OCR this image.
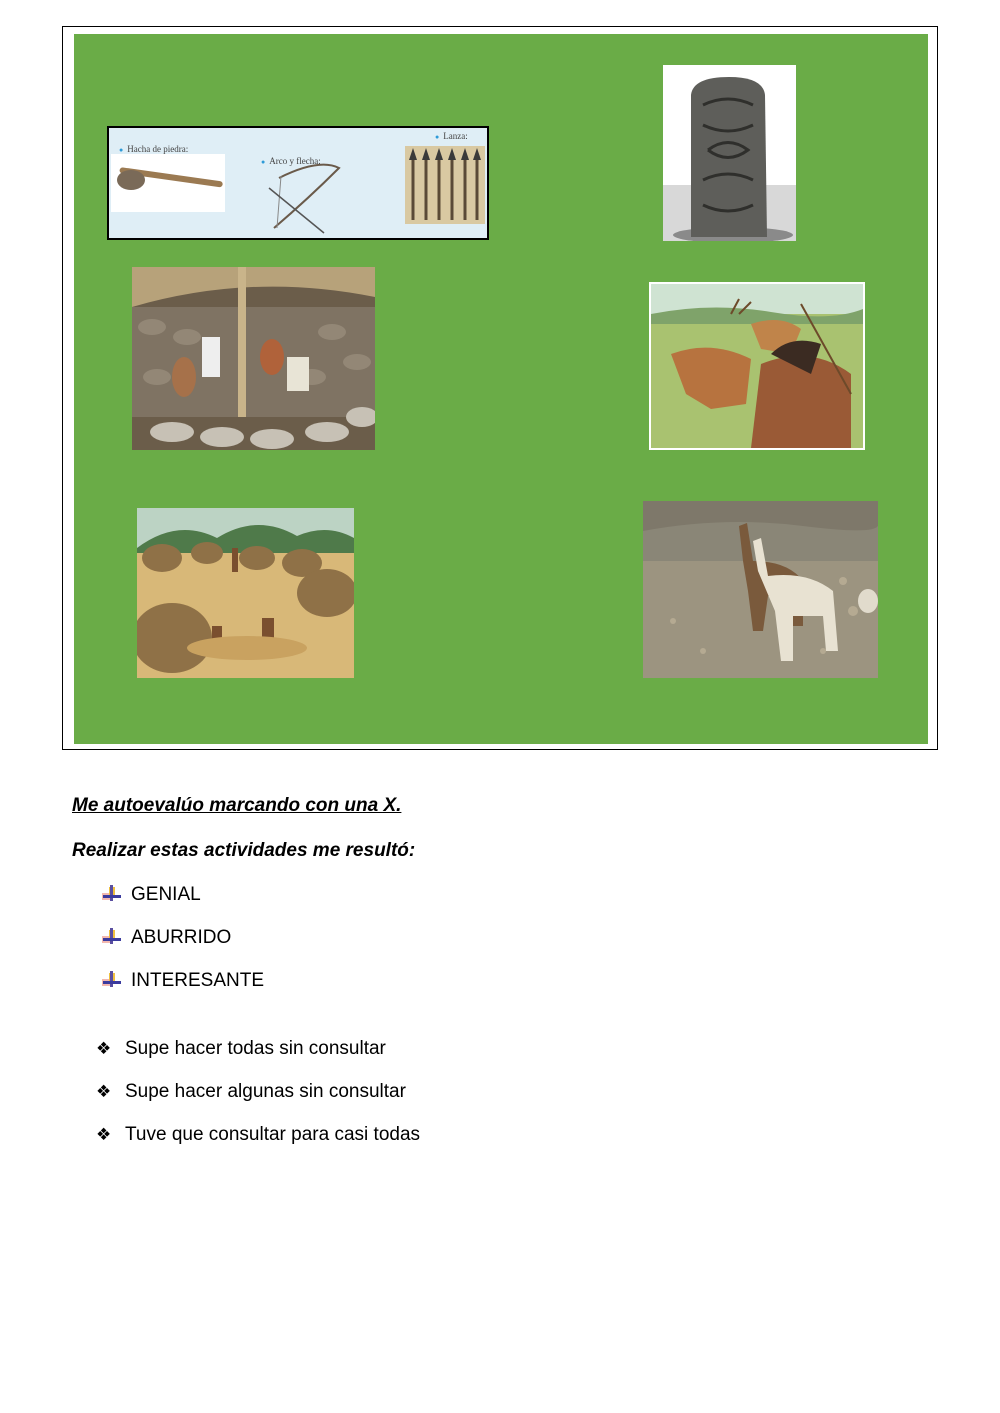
● Hacha de piedra:
● Arco y flecha:
● Lanza:
Me autoevalúo marcando con una X.
Realizar estas actividades me resultó:
GENIAL
ABURRIDO
INTERESANTE
❖ Supe hacer todas sin consultar
❖ Supe hacer algunas sin consultar
❖ Tuve que consultar para casi todas
